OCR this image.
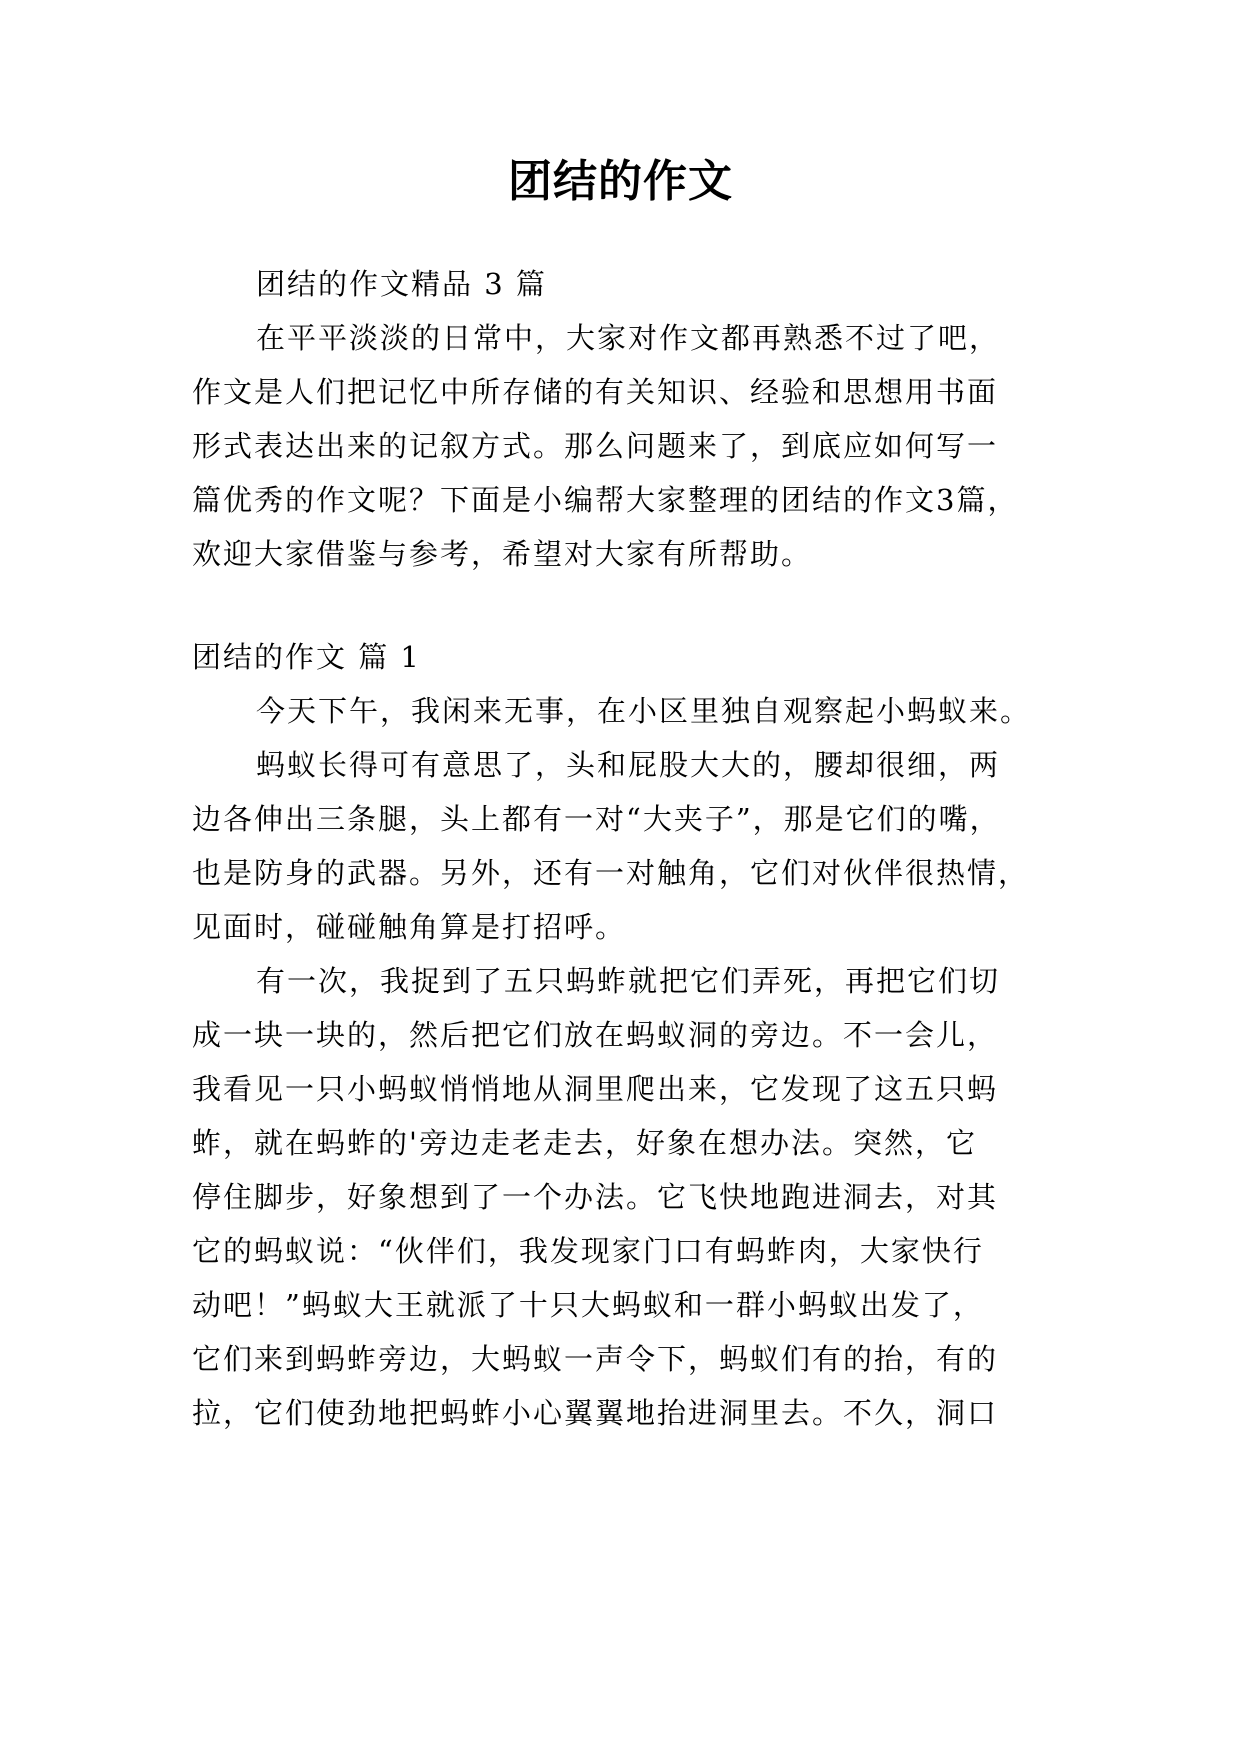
团结的作文
团结的作文精品 3 篇
在平平淡淡的日常中，大家对作文都再熟悉不过了吧，
作文是人们把记忆中所存储的有关知识、经验和思想用书面
形式表达出来的记叙方式。那么问题来了，到底应如何写一
篇优秀的作文呢？下面是小编帮大家整理的团结的作文3篇，
欢迎大家借鉴与参考，希望对大家有所帮助。
团结的作文 篇 1
今天下午，我闲来无事，在小区里独自观察起小蚂蚁来。
蚂蚁长得可有意思了，头和屁股大大的，腰却很细，两
边各伸出三条腿，头上都有一对“大夹子”，那是它们的嘴，
也是防身的武器。另外，还有一对触角，它们对伙伴很热情，
见面时，碰碰触角算是打招呼。
有一次，我捉到了五只蚂蚱就把它们弄死，再把它们切
成一块一块的，然后把它们放在蚂蚁洞的旁边。不一会儿，
我看见一只小蚂蚁悄悄地从洞里爬出来，它发现了这五只蚂
蚱，就在蚂蚱的'旁边走老走去，好象在想办法。突然，它
停住脚步，好象想到了一个办法。它飞快地跑进洞去，对其
它的蚂蚁说：“伙伴们，我发现家门口有蚂蚱肉，大家快行
动吧！”蚂蚁大王就派了十只大蚂蚁和一群小蚂蚁出发了，
它们来到蚂蚱旁边，大蚂蚁一声令下，蚂蚁们有的抬，有的
拉，它们使劲地把蚂蚱小心翼翼地抬进洞里去。不久，洞口
